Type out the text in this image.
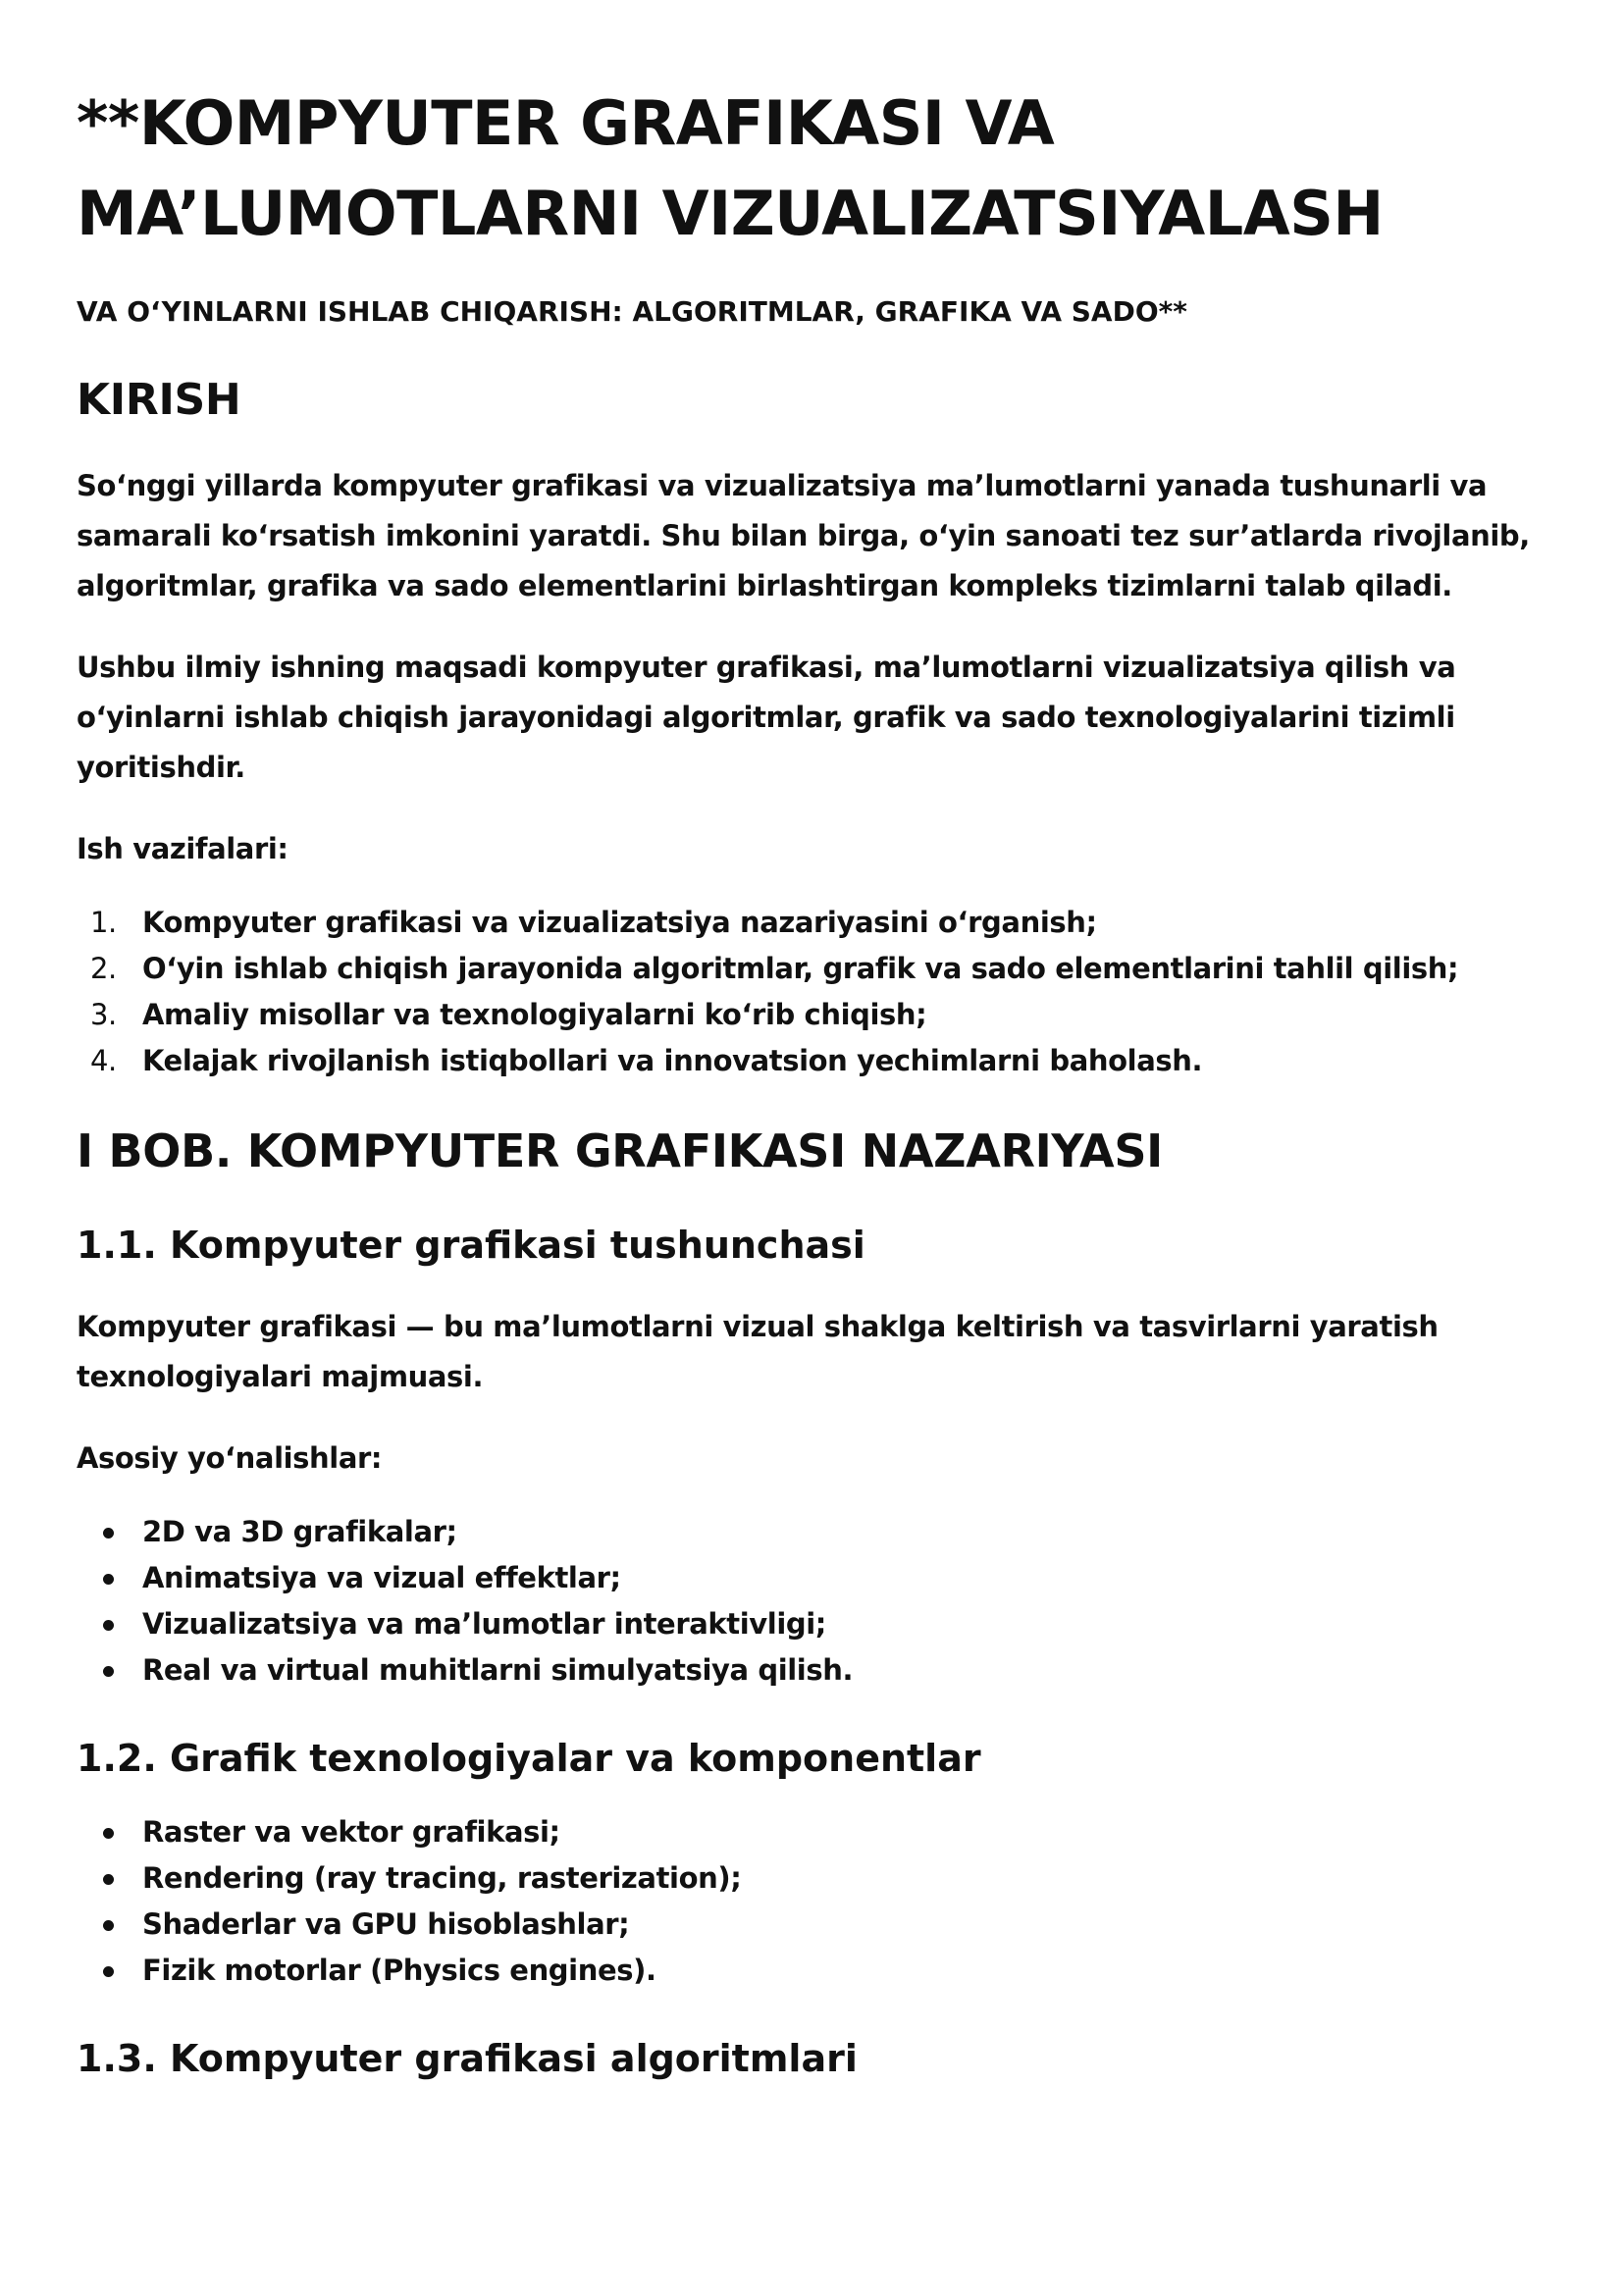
**KOMPYUTER GRAFIKASI VA MA’LUMOTLARNI VIZUALIZATSIYALASH
VA O‘YINLARNI ISHLAB CHIQARISH: ALGORITMLAR, GRAFIKA VA SADO**
KIRISH

So‘nggi yillarda kompyuter grafikasi va vizualizatsiya ma’lumotlarni yanada tushunarli va samarali ko‘rsatish imkonini yaratdi. Shu bilan birga, o‘yin sanoati tez sur’atlarda rivojlanib, algoritmlar, grafika va sado elementlarini birlashtirgan kompleks tizimlarni talab qiladi.

Ushbu ilmiy ishning maqsadi kompyuter grafikasi, ma’lumotlarni vizualizatsiya qilish va o‘yinlarni ishlab chiqish jarayonidagi algoritmlar, grafik va sado texnologiyalarini tizimli yoritishdir.

Ish vazifalari:

1. Kompyuter grafikasi va vizualizatsiya nazariyasini o‘rganish;
2. O‘yin ishlab chiqish jarayonida algoritmlar, grafik va sado elementlarini tahlil qilish;
3. Amaliy misollar va texnologiyalarni ko‘rib chiqish;
4. Kelajak rivojlanish istiqbollari va innovatsion yechimlarni baholash.
I BOB. KOMPYUTER GRAFIKASI NAZARIYASI
1.1. Kompyuter grafikasi tushunchasi

Kompyuter grafikasi — bu ma’lumotlarni vizual shaklga keltirish va tasvirlarni yaratish texnologiyalari majmuasi.

Asosiy yo‘nalishlar:

2D va 3D grafikalar;
Animatsiya va vizual effektlar;
Vizualizatsiya va ma’lumotlar interaktivligi;
Real va virtual muhitlarni simulyatsiya qilish.
1.2. Grafik texnologiyalar va komponentlar
Raster va vektor grafikasi;
Rendering (ray tracing, rasterization);
Shaderlar va GPU hisoblashlar;
Fizik motorlar (Physics engines).
1.3. Kompyuter grafikasi algoritmlari
